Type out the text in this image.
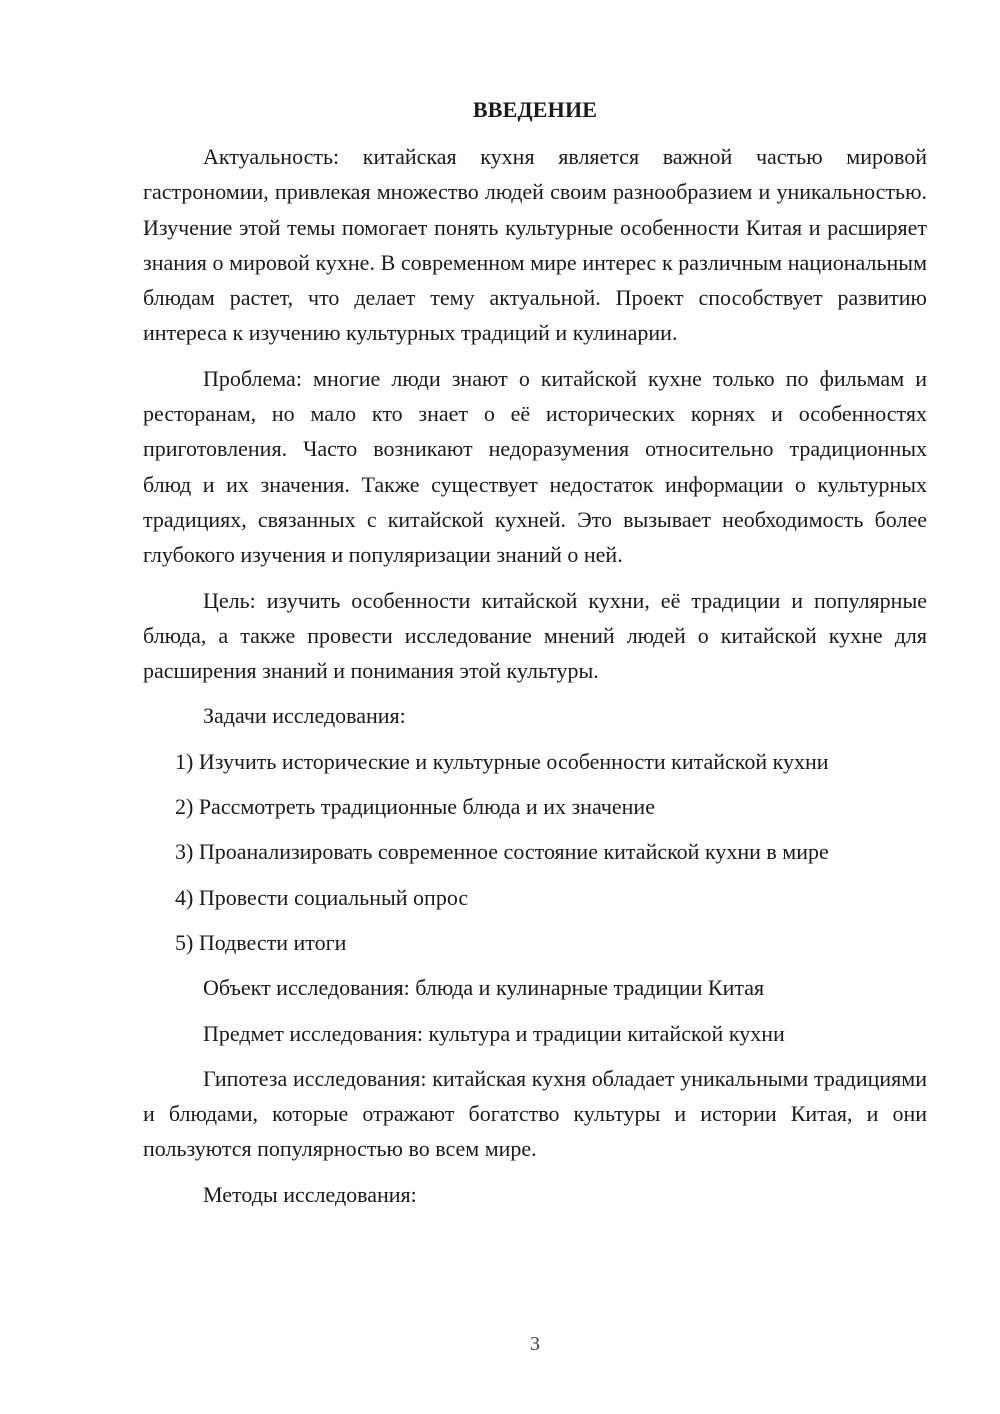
ВВЕДЕНИЕ

Актуальность: китайская кухня является важной частью мировой гастрономии, привлекая множество людей своим разнообразием и уникальностью. Изучение этой темы помогает понять культурные особенности Китая и расширяет знания о мировой кухне. В современном мире интерес к различным национальным блюдам растет, что делает тему актуальной. Проект способствует развитию интереса к изучению культурных традиций и кулинарии.

Проблема: многие люди знают о китайской кухне только по фильмам и ресторанам, но мало кто знает о её исторических корнях и особенностях приготовления. Часто возникают недоразумения относительно традиционных блюд и их значения. Также существует недостаток информации о культурных традициях, связанных с китайской кухней. Это вызывает необходимость более глубокого изучения и популяризации знаний о ней.

Цель: изучить особенности китайской кухни, её традиции и популярные блюда, а также провести исследование мнений людей о китайской кухне для расширения знаний и понимания этой культуры.

Задачи исследования:

1) Изучить исторические и культурные особенности китайской кухни
2) Рассмотреть традиционные блюда и их значение
3) Проанализировать современное состояние китайской кухни в мире
4) Провести социальный опрос
5) Подвести итоги

Объект исследования: блюда и кулинарные традиции Китая

Предмет исследования: культура и традиции китайской кухни

Гипотеза исследования: китайская кухня обладает уникальными традициями и блюдами, которые отражают богатство культуры и истории Китая, и они пользуются популярностью во всем мире.

Методы исследования:

3
